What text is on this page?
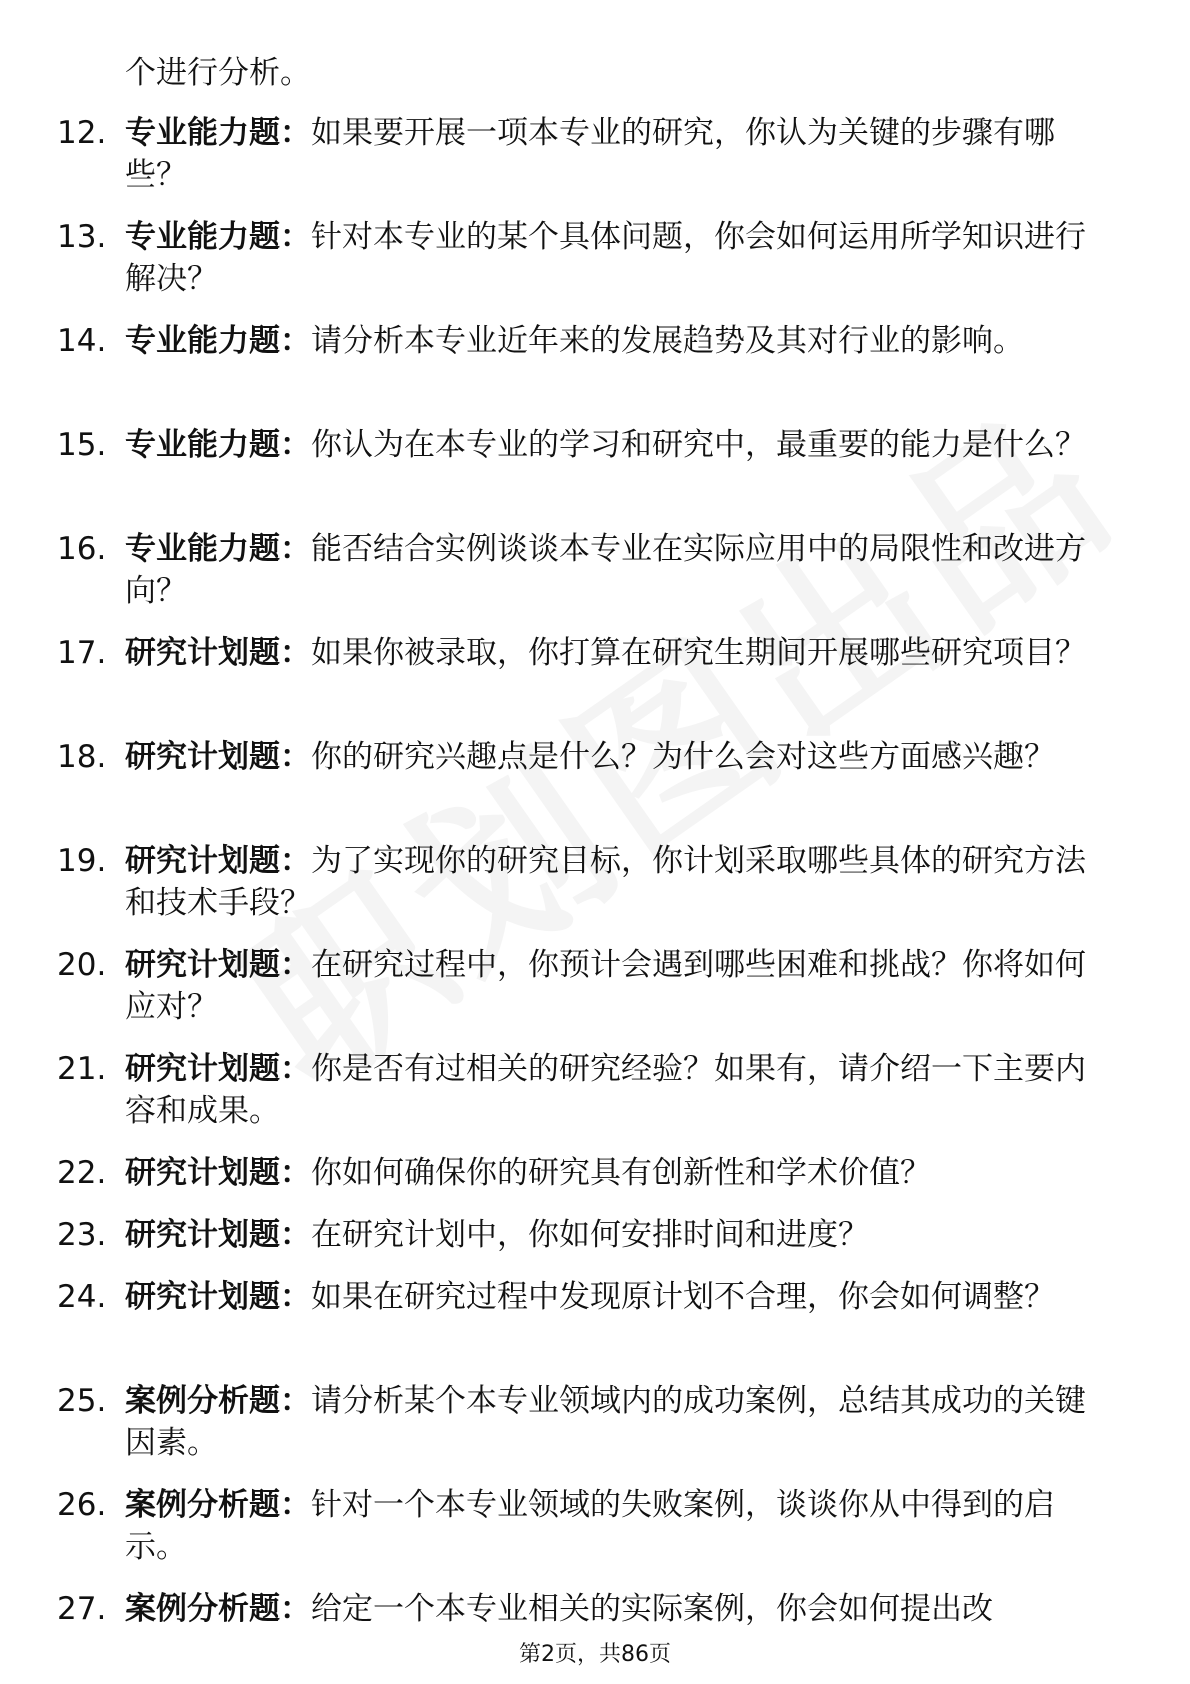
个进行分析。
12. 专业能力题：如果要开展一项本专业的研究，你认为关键的步骤有哪些？
13. 专业能力题：针对本专业的某个具体问题，你会如何运用所学知识进行解决？
14. 专业能力题：请分析本专业近年来的发展趋势及其对行业的影响。
15. 专业能力题：你认为在本专业的学习和研究中，最重要的能力是什么？
16. 专业能力题：能否结合实例谈谈本专业在实际应用中的局限性和改进方向？
17. 研究计划题：如果你被录取，你打算在研究生期间开展哪些研究项目？
18. 研究计划题：你的研究兴趣点是什么？为什么会对这些方面感兴趣？
19. 研究计划题：为了实现你的研究目标，你计划采取哪些具体的研究方法和技术手段？
20. 研究计划题：在研究过程中，你预计会遇到哪些困难和挑战？你将如何应对？
21. 研究计划题：你是否有过相关的研究经验？如果有，请介绍一下主要内容和成果。
22. 研究计划题：你如何确保你的研究具有创新性和学术价值？
23. 研究计划题：在研究计划中，你如何安排时间和进度？
24. 研究计划题：如果在研究过程中发现原计划不合理，你会如何调整？
25. 案例分析题：请分析某个本专业领域内的成功案例，总结其成功的关键因素。
26. 案例分析题：针对一个本专业领域的失败案例，谈谈你从中得到的启示。
27. 案例分析题：给定一个本专业相关的实际案例，你会如何提出改
第2页，共86页
